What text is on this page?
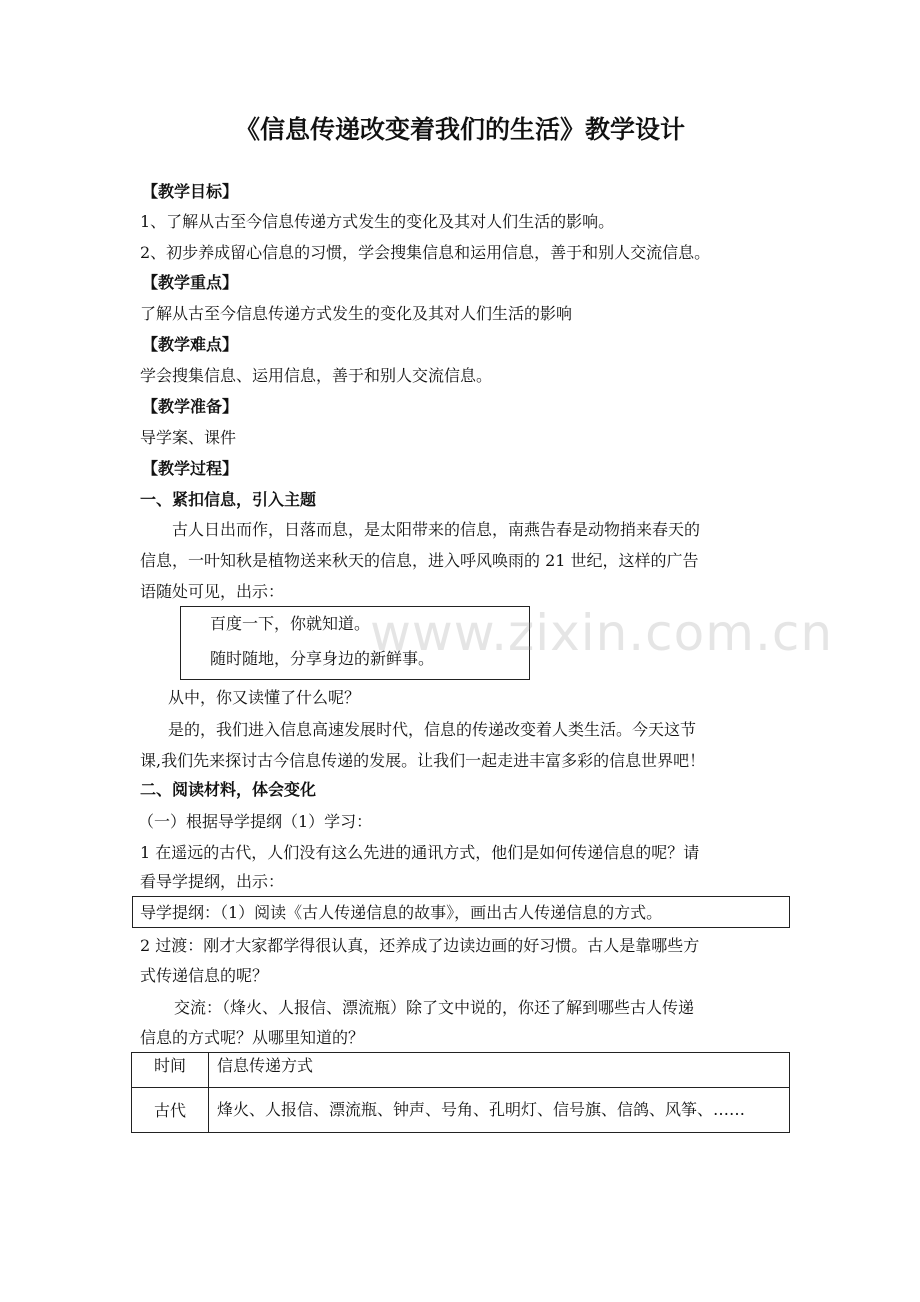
《信息传递改变着我们的生活》教学设计
【教学目标】
1、了解从古至今信息传递方式发生的变化及其对人们生活的影响。
2、初步养成留心信息的习惯，学会搜集信息和运用信息，善于和别人交流信息。
【教学重点】
了解从古至今信息传递方式发生的变化及其对人们生活的影响
【教学难点】
学会搜集信息、运用信息，善于和别人交流信息。
【教学准备】
导学案、课件
【教学过程】
一、紧扣信息，引入主题
古人日出而作，日落而息，是太阳带来的信息，南燕告春是动物捎来春天的
信息，一叶知秋是植物送来秋天的信息，进入呼风唤雨的 21 世纪，这样的广告
语随处可见，出示：
百度一下，你就知道。
随时随地，分享身边的新鲜事。
从中，你又读懂了什么呢？
是的，我们进入信息高速发展时代，信息的传递改变着人类生活。今天这节
课,我们先来探讨古今信息传递的发展。让我们一起走进丰富多彩的信息世界吧！
二、阅读材料，体会变化
（一）根据导学提纲（1）学习：
1 在遥远的古代，人们没有这么先进的通讯方式，他们是如何传递信息的呢？请
看导学提纲，出示：
导学提纲：（1）阅读《古人传递信息的故事》，画出古人传递信息的方式。
2 过渡：刚才大家都学得很认真，还养成了边读边画的好习惯。古人是靠哪些方
式传递信息的呢？
交流：（烽火、人报信、漂流瓶）除了文中说的，你还了解到哪些古人传递
信息的方式呢？从哪里知道的？
时间	信息传递方式
古代	烽火、人报信、漂流瓶、钟声、号角、孔明灯、信号旗、信鸽、风筝、……
www.zixin.com.cn
